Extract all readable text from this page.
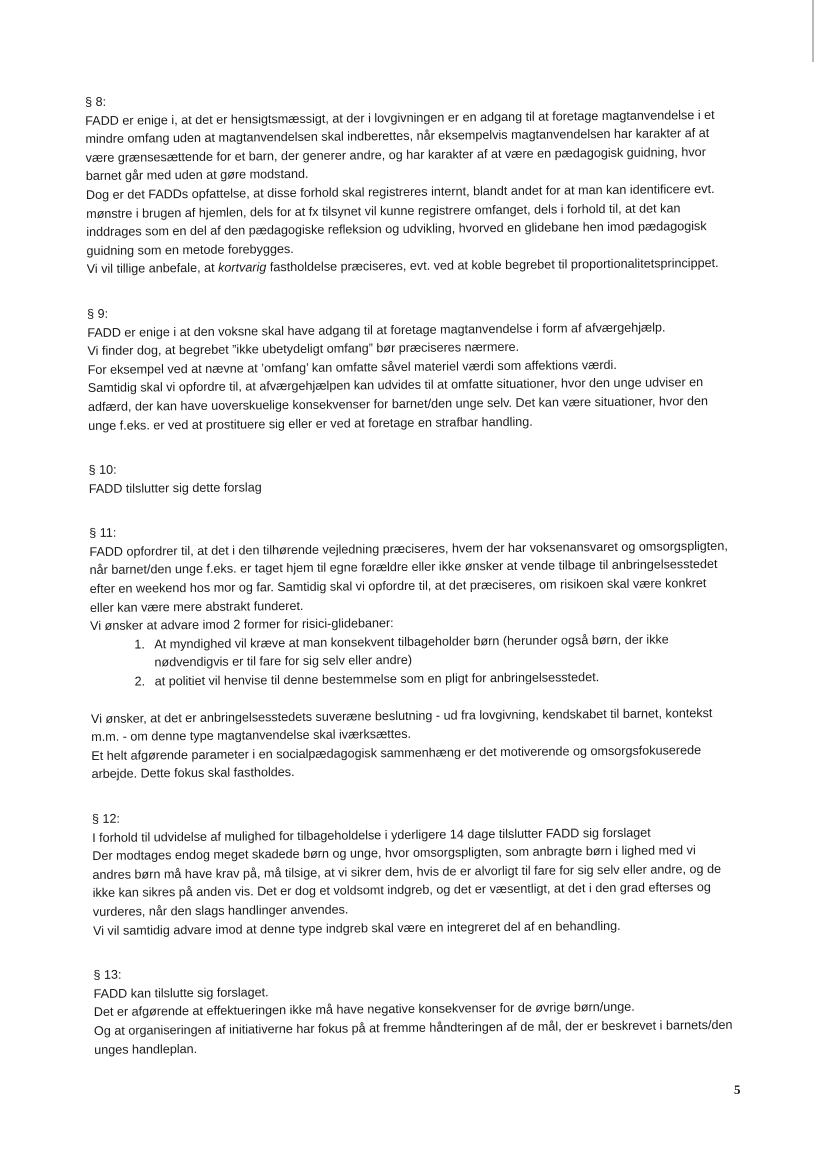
§ 8:

FADD er enige i, at det er hensigtsmæssigt, at der i lovgivningen er en adgang til at foretage magtanvendelse i et mindre omfang uden at magtanvendelsen skal indberettes, når eksempelvis magtanvendelsen har karakter af at være grænsesættende for et barn, der generer andre, og har karakter af at være en pædagogisk guidning, hvor barnet går med uden at gøre modstand.

Dog er det FADDs opfattelse, at disse forhold skal registreres internt, blandt andet for at man kan identificere evt. mønstre i brugen af hjemlen, dels for at fx tilsynet vil kunne registrere omfanget, dels i forhold til, at det kan inddrages som en del af den pædagogiske refleksion og udvikling, hvorved en glidebane hen imod pædagogisk guidning som en metode forebygges.

Vi vil tillige anbefale, at kortvarig fastholdelse præciseres, evt. ved at koble begrebet til proportionalitetsprincippet.

§ 9:

FADD er enige i at den voksne skal have adgang til at foretage magtanvendelse i form af afværgehjælp.

Vi finder dog, at begrebet ”ikke ubetydeligt omfang” bør præciseres nærmere.

For eksempel ved at nævne at ’omfang’ kan omfatte såvel materiel værdi som affektions værdi.

Samtidig skal vi opfordre til, at afværgehjælpen kan udvides til at omfatte situationer, hvor den unge udviser en adfærd, der kan have uoverskuelige konsekvenser for barnet/den unge selv. Det kan være situationer, hvor den unge f.eks. er ved at prostituere sig eller er ved at foretage en strafbar handling.

§ 10:

FADD tilslutter sig dette forslag

§ 11:

FADD opfordrer til, at det i den tilhørende vejledning præciseres, hvem der har voksenansvaret og omsorgspligten, når barnet/den unge f.eks. er taget hjem til egne forældre eller ikke ønsker at vende tilbage til anbringelsesstedet efter en weekend hos mor og far. Samtidig skal vi opfordre til, at det præciseres, om risikoen skal være konkret eller kan være mere abstrakt funderet.

Vi ønsker at advare imod 2 former for risici-glidebaner:

1. At myndighed vil kræve at man konsekvent tilbageholder børn (herunder også børn, der ikke nødvendigvis er til fare for sig selv eller andre)
2. at politiet vil henvise til denne bestemmelse som en pligt for anbringelsesstedet.

Vi ønsker, at det er anbringelsesstedets suveræne beslutning - ud fra lovgivning, kendskabet til barnet, kontekst m.m. - om denne type magtanvendelse skal iværksættes.

Et helt afgørende parameter i en socialpædagogisk sammenhæng er det motiverende og omsorgsfokuserede arbejde. Dette fokus skal fastholdes.

§ 12:

I forhold til udvidelse af mulighed for tilbageholdelse i yderligere 14 dage tilslutter FADD sig forslaget

Der modtages endog meget skadede børn og unge, hvor omsorgspligten, som anbragte børn i lighed med vi andres børn må have krav på, må tilsige, at vi sikrer dem, hvis de er alvorligt til fare for sig selv eller andre, og de ikke kan sikres på anden vis. Det er dog et voldsomt indgreb, og det er væsentligt, at det i den grad efterses og vurderes, når den slags handlinger anvendes.

Vi vil samtidig advare imod at denne type indgreb skal være en integreret del af en behandling.

§ 13:

FADD kan tilslutte sig forslaget.

Det er afgørende at effektueringen ikke må have negative konsekvenser for de øvrige børn/unge.

Og at organiseringen af initiativerne har fokus på at fremme håndteringen af de mål, der er beskrevet i barnets/den unges handleplan.

5
